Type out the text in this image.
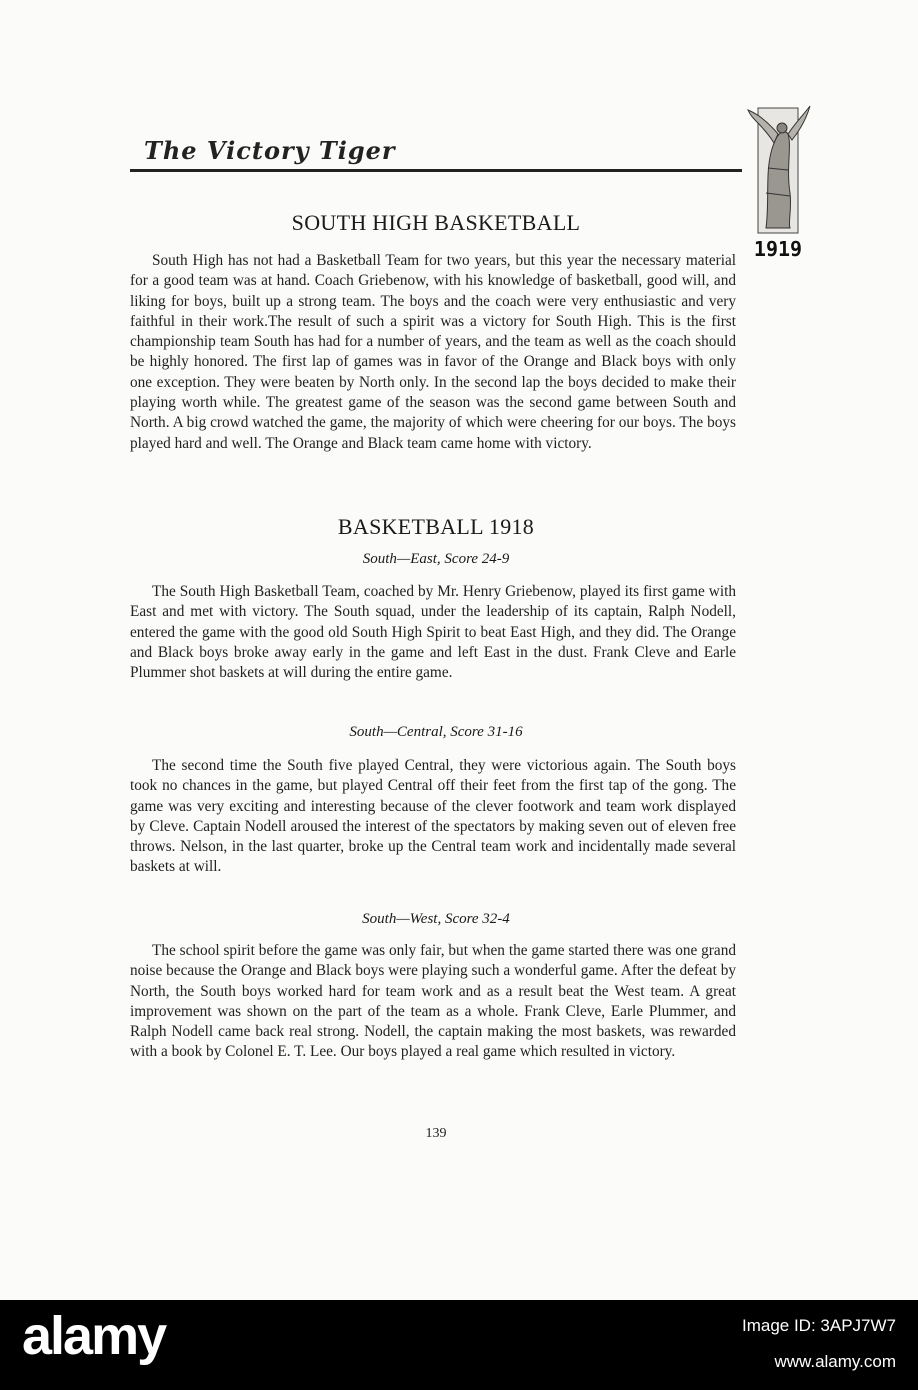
The Victory Tiger
1919
SOUTH HIGH BASKETBALL
South High has not had a Basketball Team for two years, but this year the necessary material for a good team was at hand. Coach Griebenow, with his knowledge of basketball, good will, and liking for boys, built up a strong team. The boys and the coach were very enthusiastic and very faithful in their work.The result of such a spirit was a victory for South High. This is the first championship team South has had for a number of years, and the team as well as the coach should be highly honored. The first lap of games was in favor of the Orange and Black boys with only one exception. They were beaten by North only. In the second lap the boys decided to make their playing worth while. The greatest game of the season was the second game between South and North. A big crowd watched the game, the majority of which were cheering for our boys. The boys played hard and well. The Orange and Black team came home with victory.
BASKETBALL 1918
South—East, Score 24-9
The South High Basketball Team, coached by Mr. Henry Griebenow, played its first game with East and met with victory. The South squad, under the leadership of its captain, Ralph Nodell, entered the game with the good old South High Spirit to beat East High, and they did. The Orange and Black boys broke away early in the game and left East in the dust. Frank Cleve and Earle Plummer shot baskets at will during the entire game.
South—Central, Score 31-16
The second time the South five played Central, they were victorious again. The South boys took no chances in the game, but played Central off their feet from the first tap of the gong. The game was very exciting and interesting because of the clever footwork and team work displayed by Cleve. Captain Nodell aroused the interest of the spectators by making seven out of eleven free throws. Nelson, in the last quarter, broke up the Central team work and incidentally made several baskets at will.
South—West, Score 32-4
The school spirit before the game was only fair, but when the game started there was one grand noise because the Orange and Black boys were playing such a wonderful game. After the defeat by North, the South boys worked hard for team work and as a result beat the West team. A great improvement was shown on the part of the team as a whole. Frank Cleve, Earle Plummer, and Ralph Nodell came back real strong. Nodell, the captain making the most baskets, was rewarded with a book by Colonel E. T. Lee. Our boys played a real game which resulted in victory.
139
alamy	Image ID: 3APJ7W7
www.alamy.com
